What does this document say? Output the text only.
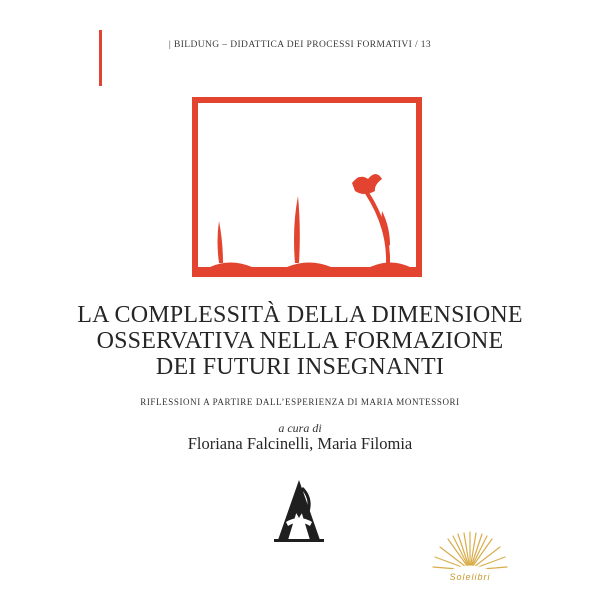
| BILDUNG – DIDATTICA DEI PROCESSI FORMATIVI / 13
LA COMPLESSITÀ DELLA DIMENSIONE
OSSERVATIVA NELLA FORMAZIONE
DEI FUTURI INSEGNANTI
RIFLESSIONI A PARTIRE DALL’ESPERIENZA DI MARIA MONTESSORI
a cura di
Floriana Falcinelli, Maria Filomia
Solelibri
